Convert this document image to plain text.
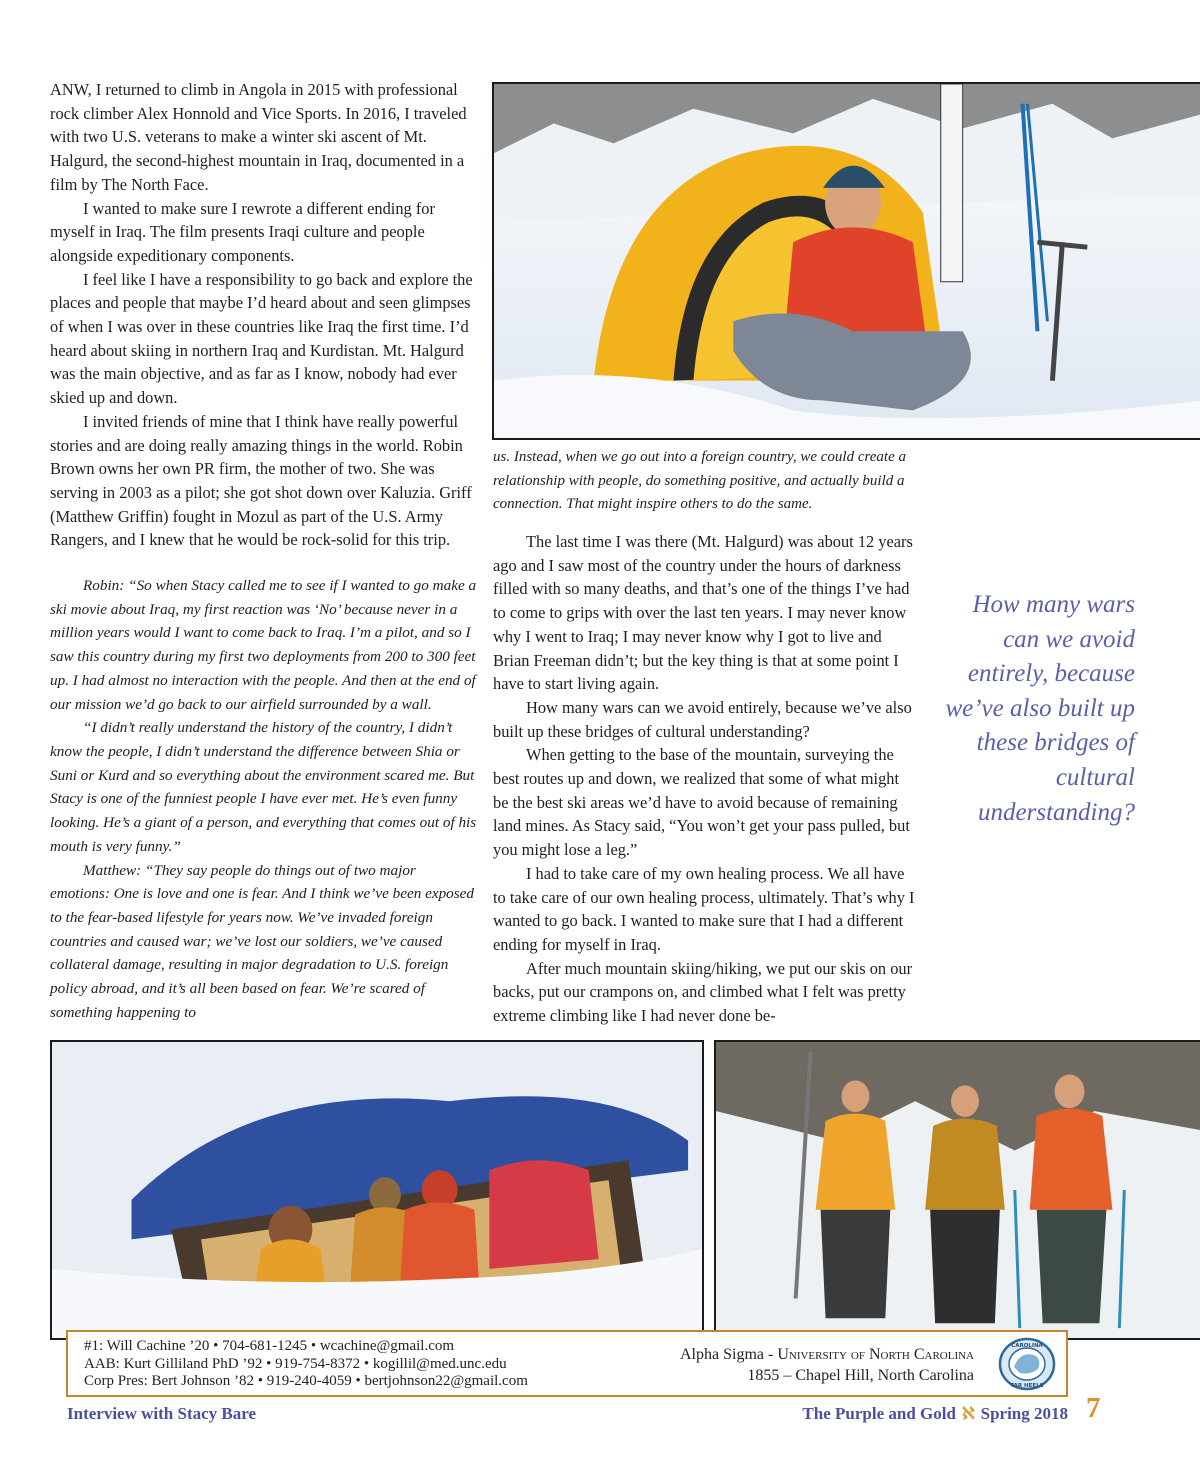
ANW, I returned to climb in Angola in 2015 with professional rock climber Alex Honnold and Vice Sports. In 2016, I traveled with two U.S. veterans to make a winter ski ascent of Mt. Halgurd, the second-highest mountain in Iraq, documented in a film by The North Face.

I wanted to make sure I rewrote a different ending for myself in Iraq. The film presents Iraqi culture and people alongside expeditionary components.

I feel like I have a responsibility to go back and explore the places and people that maybe I’d heard about and seen glimpses of when I was over in these countries like Iraq the first time. I’d heard about skiing in northern Iraq and Kurdistan. Mt. Halgurd was the main objective, and as far as I know, nobody had ever skied up and down.

I invited friends of mine that I think have really powerful stories and are doing really amazing things in the world. Robin Brown owns her own PR firm, the mother of two. She was serving in 2003 as a pilot; she got shot down over Kaluzia. Griff (Matthew Griffin) fought in Mozul as part of the U.S. Army Rangers, and I knew that he would be rock-solid for this trip.

Robin: “So when Stacy called me to see if I wanted to go make a ski movie about Iraq, my first reaction was ‘No’ because never in a million years would I want to come back to Iraq. I’m a pilot, and so I saw this country during my first two deployments from 200 to 300 feet up. I had almost no interaction with the people. And then at the end of our mission we’d go back to our airfield surrounded by a wall.

“I didn’t really understand the history of the country, I didn’t know the people, I didn’t understand the difference between Shia or Suni or Kurd and so everything about the environment scared me. But Stacy is one of the funniest people I have ever met. He’s even funny looking. He’s a giant of a person, and everything that comes out of his mouth is very funny.”

Matthew: “They say people do things out of two major emotions: One is love and one is fear. And I think we’ve been exposed to the fear-based lifestyle for years now. We’ve invaded foreign countries and caused war; we’ve lost our soldiers, we’ve caused collateral damage, resulting in major degradation to U.S. foreign policy abroad, and it’s all been based on fear. We’re scared of something happening to

us. Instead, when we go out into a foreign country, we could create a relationship with people, do something positive, and actually build a connection. That might inspire others to do the same.

The last time I was there (Mt. Halgurd) was about 12 years ago and I saw most of the country under the hours of darkness filled with so many deaths, and that’s one of the things I’ve had to come to grips with over the last ten years. I may never know why I went to Iraq; I may never know why I got to live and Brian Freeman didn’t; but the key thing is that at some point I have to start living again.

How many wars can we avoid entirely, because we’ve also built up these bridges of cultural understanding?

When getting to the base of the mountain, surveying the best routes up and down, we realized that some of what might be the best ski areas we’d have to avoid because of remaining land mines. As Stacy said, “You won’t get your pass pulled, but you might lose a leg.”

I had to take care of my own healing process. We all have to take care of our own healing process, ultimately. That’s why I wanted to go back. I wanted to make sure that I had a different ending for myself in Iraq.

After much mountain skiing/hiking, we put our skis on our backs, put our crampons on, and climbed what I felt was pretty extreme climbing like I had never done be-

How many wars can we avoid entirely, because we’ve also built up these bridges of cultural understanding?

#1: Will Cachine ’20 • 704-681-1245 • wcachine@gmail.com
AAB: Kurt Gilliland PhD ’92 • 919-754-8372 • kogillil@med.unc.edu
Corp Pres: Bert Johnson ’82 • 919-240-4059 • bertjohnson22@gmail.com
Alpha Sigma - University of North Carolina
1855 – Chapel Hill, North Carolina
CAROLINA
TAR HEELS
Interview with Stacy Bare	The Purple and Gold ℵ Spring 2018 7
